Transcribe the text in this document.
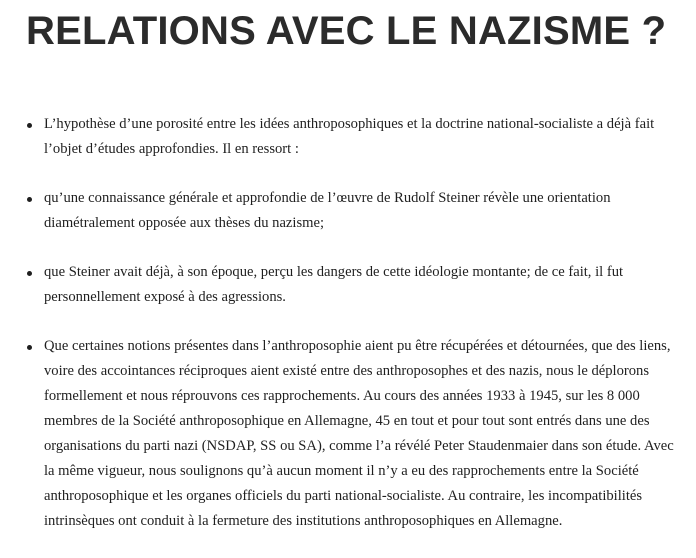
RELATIONS AVEC LE NAZISME ?
L’hypothèse d’une porosité entre les idées anthroposophiques et la doctrine national-socialiste a déjà fait l’objet d’études approfondies. Il en ressort :
qu’une connaissance générale et approfondie de l’œuvre de Rudolf Steiner révèle une orientation diamétralement opposée aux thèses du nazisme;
que Steiner avait déjà, à son époque, perçu les dangers de cette idéologie montante; de ce fait, il fut personnellement exposé à des agressions.
Que certaines notions présentes dans l’anthroposophie aient pu être récupérées et détournées, que des liens, voire des accointances réciproques aient existé entre des anthroposophes et des nazis, nous le déplorons formellement et nous réprouvons ces rapprochements. Au cours des années 1933 à 1945, sur les 8 000 membres de la Société anthroposophique en Allemagne, 45 en tout et pour tout sont entrés dans une des organisations du parti nazi (NSDAP, SS ou SA), comme l’a révélé Peter Staudenmaier dans son étude. Avec la même vigueur, nous soulignons qu’à aucun moment il n’y a eu des rapprochements entre la Société anthroposophique et les organes officiels du parti national-socialiste. Au contraire, les incompatibilités intrinsèques ont conduit à la fermeture des institutions anthroposophiques en Allemagne.
